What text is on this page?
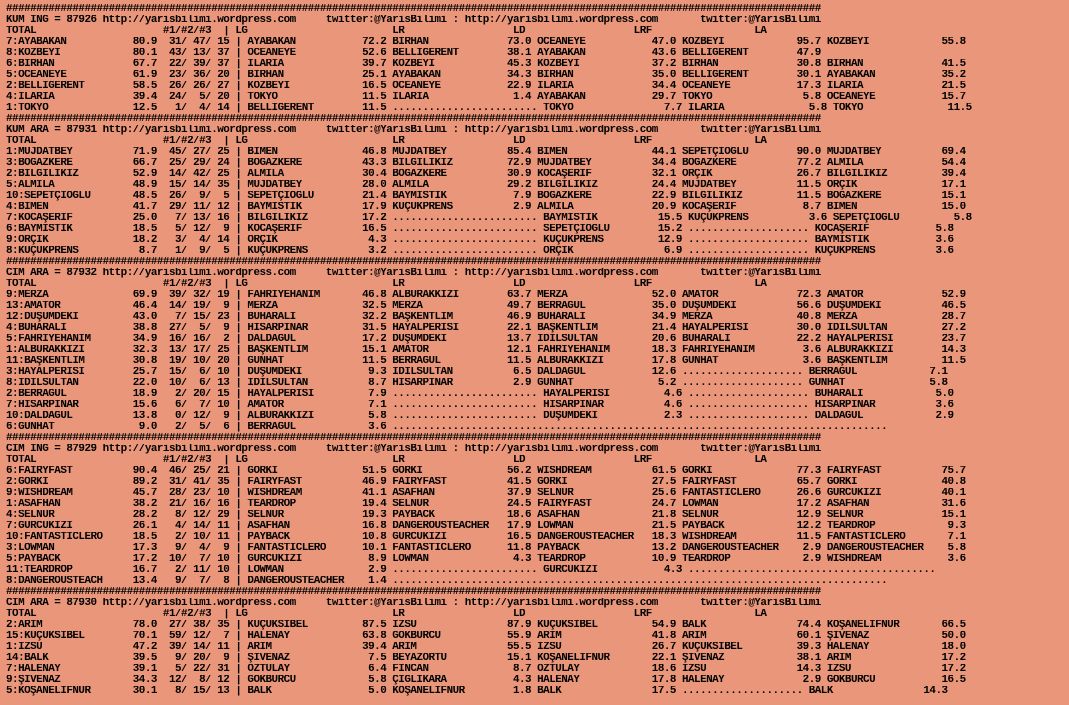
#######################################################################################################################################
KUM ING = 87926 http://yarisbilimi.wordpress.com     twitter:@YarisBilimi : http://yarisbilimi.wordpress.com       twitter:@YarisBilimi
TOTAL                     #1/#2/#3  | LG                        LR                  LD                  LRF                 LA
7:AYABAKAN           80.9  31/ 47/ 15 | AYABAKAN           72.2 BİRHAN             73.0 OCEANEYE           47.0 KOZBEYİ            95.7 KOZBEYİ            55.8
8:KOZBEYİ            80.1  43/ 13/ 37 | OCEANEYE           52.6 BELLIGERENT        38.1 AYABAKAN           43.6 BELLIGERENT        47.9
6:BİRHAN             67.7  22/ 39/ 37 | ILARIA             39.7 KOZBEYİ            45.3 KOZBEYİ            37.2 BİRHAN             30.8 BİRHAN             41.5
5:OCEANEYE           61.9  23/ 36/ 20 | BİRHAN             25.1 AYABAKAN           34.3 BİRHAN             35.0 BELLIGERENT        30.1 AYABAKAN           35.2
2:BELLIGERENT        58.5  26/ 26/ 27 | KOZBEYİ            16.5 OCEANEYE           22.9 ILARIA             34.4 OCEANEYE           17.3 ILARIA             21.5
4:ILARIA             39.4  24/  5/ 20 | TOKYO              11.5 ILARIA              1.4 AYABAKAN           29.7 TOKYO               5.8 OCEANEYE           15.7
1:TOKYO              12.5   1/  4/ 14 | BELLIGERENT        11.5 ........................ TOKYO               7.7 ILARIA              5.8 TOKYO              11.5
#######################################################################################################################################
KUM ARA = 87931 http://yarisbilimi.wordpress.com     twitter:@YarisBilimi : http://yarisbilimi.wordpress.com       twitter:@YarisBilimi
TOTAL                     #1/#2/#3  | LG                        LR                  LD                  LRF                 LA
1:MÜJDATBEY          71.9  45/ 27/ 25 | BİMEN              46.8 MÜJDATBEY          85.4 BİMEN              44.1 SEPETÇİOĞLU        90.0 MÜJDATBEY          69.4
3:BOĞAZKERE          66.7  25/ 29/ 24 | BOĞAZKERE          43.3 BİLGİLİKIZ         72.9 MÜJDATBEY          34.4 BOĞAZKERE          77.2 ALMİLA             54.4
2:BİLGİLİKIZ         52.9  14/ 42/ 25 | ALMİLA             30.4 BOĞAZKERE          30.9 KOCAŞERİF          32.1 ORÇİK              26.7 BİLGİLİKIZ         39.4
5:ALMİLA             48.9  15/ 14/ 35 | MÜJDATBEY          28.0 ALMİLA             29.2 BİLGİLİKIZ         24.4 MÜJDATBEY          11.5 ORÇİK              17.1
10:SEPETÇİOĞLU       48.5  26/  9/  5 | SEPETÇİOĞLU        21.4 BAYMISTIK           7.9 BOĞAZKERE          22.9 BİLGİLİKIZ         11.5 BOĞAZKERE          15.1
4:BİMEN              41.7  29/ 11/ 12 | BAYMISTIK          17.9 KÜÇÜKPRENS          2.9 ALMİLA             20.9 KOCAŞERİF           8.7 BİMEN              15.0
7:KOCAŞERİF          25.0   7/ 13/ 16 | BİLGİLİKIZ         17.2 ........................ BAYMISTIK          15.5 KÜÇÜKPRENS          3.6 SEPETÇİOĞLU         5.8
6:BAYMISTIK          18.5   5/ 12/  9 | KOCAŞERİF          16.5 ........................ SEPETÇİOĞLU        15.2 .................... KOCAŞERİF           5.8
9:ORÇİK              18.2   3/  4/ 14 | ORÇİK               4.3 ........................ KÜÇÜKPRENS         12.9 .................... BAYMISTIK           3.6
8:KÜÇÜKPRENS          8.7   1/  9/  5 | KÜÇÜKPRENS          3.2 ........................ ORÇİK               6.9 .................... KÜÇÜKPRENS          3.6
#######################################################################################################################################
CIM ARA = 87932 http://yarisbilimi.wordpress.com     twitter:@YarisBilimi : http://yarisbilimi.wordpress.com       twitter:@YarisBilimi
TOTAL                     #1/#2/#3  | LG                        LR                  LD                  LRF                 LA
9:MERZA              69.9  39/ 32/ 19 | FAHRİYEHANIM       46.8 ALBURAKKIZI        63.7 MERZA              52.0 AMATÖR             72.3 AMATÖR             52.9
13:AMATÖR            46.4  14/ 19/  9 | MERZA              32.5 MERZA              49.7 BERRAGÜL           35.0 DÜŞÜMDEKİ          56.6 DÜŞÜMDEKİ          46.5
12:DÜŞÜMDEKİ         43.0   7/ 15/ 23 | BUHARALI           32.2 BAŞKENTLİM         46.9 BUHARALI           34.9 MERZA              40.8 MERZA              28.7
4:BUHARALI           38.8  27/  5/  9 | HİSARPINAR         31.5 HAYALPERİSİ        22.1 BAŞKENTLİM         21.4 HAYALPERİSİ        30.0 İDİLSULTAN         27.2
5:FAHRİYEHANIM       34.9  16/ 16/  2 | DALDAGÜL           17.2 DÜŞÜMDEKİ          13.7 İDİLSULTAN         20.6 BUHARALI           22.2 HAYALPERİSİ        23.7
1:ALBURAKKIZI        32.3  13/ 17/ 25 | BAŞKENTLİM         15.1 AMATÖR             12.1 FAHRİYEHANIM       18.3 FAHRİYEHANIM        3.6 ALBURAKKIZI        14.3
11:BAŞKENTLİM        30.8  19/ 10/ 20 | GÜNHAT             11.5 BERRAGÜL           11.5 ALBURAKKIZI        17.8 GÜNHAT              3.6 BAŞKENTLİM         11.5
3:HAYALPERİSİ        25.7  15/  6/ 10 | DÜŞÜMDEKİ           9.3 İDİLSULTAN          6.5 DALDAGÜL           12.6 .................... BERRAGÜL            7.1
8:İDİLSULTAN         22.0  10/  6/ 13 | İDİLSULTAN          8.7 HİSARPINAR          2.9 GÜNHAT              5.2 .................... GÜNHAT              5.8
2:BERRAGÜL           18.9   2/ 20/ 15 | HAYALPERİSİ         7.9 ........................ HAYALPERİSİ         4.6 .................... BUHARALI            5.0
7:HİSARPINAR         15.6   6/  7/ 10 | AMATÖR              7.1 ........................ HİSARPINAR          4.6 .................... HİSARPINAR          3.6
10:DALDAGÜL          13.8   0/ 12/  9 | ALBURAKKIZI         5.8 ........................ DÜŞÜMDEKİ           2.3 .................... DALDAGÜL            2.9
6:GÜNHAT              9.0   2/  5/  6 | BERRAGÜL            3.6 ..................................................................................
#######################################################################################################################################
CIM ING = 87929 http://yarisbilimi.wordpress.com     twitter:@YarisBilimi : http://yarisbilimi.wordpress.com       twitter:@YarisBilimi
TOTAL                     #1/#2/#3  | LG                        LR                  LD                  LRF                 LA
6:FAIRYFAST          90.4  46/ 25/ 21 | GÖRKİ              51.5 GÖRKİ              56.2 WISHDREAM          61.5 GÖRKİ              77.3 FAIRYFAST          75.7
2:GÖRKİ              89.2  31/ 41/ 35 | FAIRYFAST          46.9 FAIRYFAST          41.5 GÖRKİ              27.5 FAIRYFAST          65.7 GÖRKİ              40.8
9:WISHDREAM          45.7  28/ 23/ 10 | WISHDREAM          41.1 ASAFHAN            37.9 SELNUR             25.6 FANTASTICLERO      26.6 GÜRCÜKIZI          40.1
1:ASAFHAN            38.2  21/ 16/ 16 | TEARDROP           19.4 SELNUR             24.5 FAIRYFAST          24.7 LOWMAN             17.2 ASAFHAN            31.6
4:SELNUR             28.2   8/ 12/ 29 | SELNUR             19.3 PAYBACK            18.6 ASAFHAN            21.8 SELNUR             12.9 SELNUR             15.1
7:GÜRCÜKIZI          26.1   4/ 14/ 11 | ASAFHAN            16.8 DANGEROUSTEACHER   17.9 LOWMAN             21.5 PAYBACK            12.2 TEARDROP            9.3
10:FANTASTICLERO     18.5   2/ 10/ 11 | PAYBACK            10.8 GÜRCÜKIZI          16.5 DANGEROUSTEACHER   18.3 WISHDREAM          11.5 FANTASTICLERO       7.1
3:LOWMAN             17.3   9/  4/  9 | FANTASTICLERO      10.1 FANTASTICLERO      11.8 PAYBACK            13.2 DANGEROUSTEACHER    2.9 DANGEROUSTEACHER    5.8
5:PAYBACK            17.2  10/  7/ 10 | GÜRCÜKIZI           8.9 LOWMAN              4.3 TEARDROP           10.9 TEARDROP            2.9 WISHDREAM           3.6
11:TEARDROP          16.7   2/ 11/ 10 | LOWMAN              2.9 ........................ GÜRCÜKIZI           4.3 .........................................
8:DANGEROUSTEACH     13.4   9/  7/  8 | DANGEROUSTEACHER    1.4 ..................................................................................
#######################################################################################################################################
CIM ARA = 87930 http://yarisbilimi.wordpress.com     twitter:@YarisBilimi : http://yarisbilimi.wordpress.com       twitter:@YarisBilimi
TOTAL                     #1/#2/#3  | LG                        LR                  LD                  LRF                 LA
2:ARIM               78.0  27/ 38/ 35 | KÜÇÜKSİBEL         87.5 İZSU               87.9 KÜÇÜKSİBEL         54.9 BALK               74.4 KOŞANELİFNUR       66.5
15:KÜÇÜKSİBEL        70.1  59/ 12/  7 | HALENAY            63.8 GÖKBURCU           55.9 ARIM               41.8 ARIM               60.1 ŞİVENAZ            50.0
1:İZSU               47.2  39/ 14/ 11 | ARIM               39.4 ARIM               55.5 İZSU               26.7 KÜÇÜKSİBEL         39.3 HALENAY            18.0
14:BALK              39.5   9/ 20/  9 | ŞİVENAZ             7.5 BEYAZÖRTÜ          15.1 KOŞANELİFNUR       22.1 ŞİVENAZ            38.1 ARIM               17.2
7:HALENAY            39.1   5/ 22/ 31 | ÖZTÜLAY             6.4 FINCAN              8.7 ÖZTÜLAY            18.6 İZSU               14.3 İZSU               17.2
9:ŞİVENAZ            34.3  12/  8/ 12 | GÖKBURCU            5.8 ÇIĞLIKARA           4.3 HALENAY            17.8 HALENAY             2.9 GÖKBURCU           16.5
5:KOŞANELİFNUR       30.1   8/ 15/ 13 | BALK                5.0 KOŞANELİFNUR        1.8 BALK               17.5 .................... BALK               14.3
